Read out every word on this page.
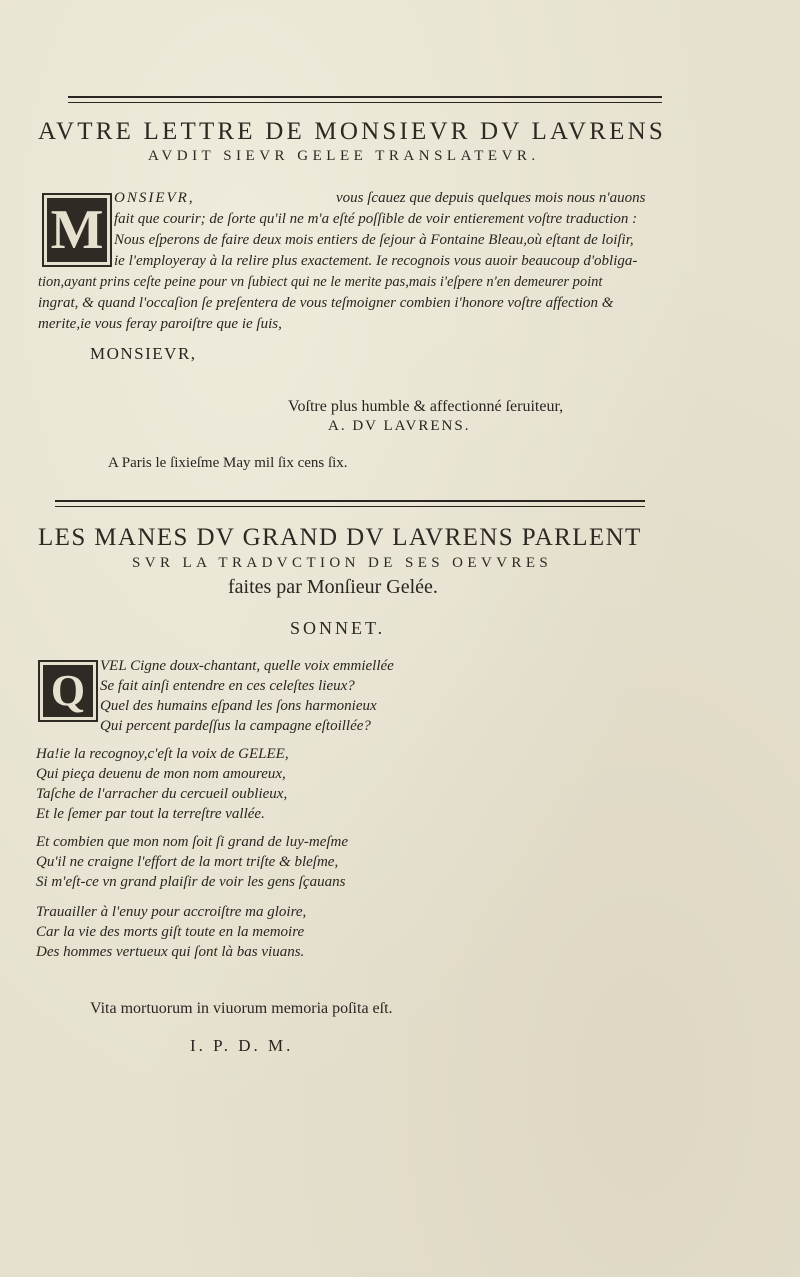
AVTRE LETTRE DE MONSIEVR DV LAVRENS
AVDIT SIEVR GELEE TRANSLATEVR.
M
ONSIEVR,	vous ſcauez que depuis quelques mois nous n'auons
fait que courir; de ſorte qu'il ne m'a eſté poſſible de voir entierement voſtre traduction :
Nous eſperons de faire deux mois entiers de ſejour à Fontaine Bleau,où eſtant de loiſir,
ie l'employeray à la relire plus exactement. Ie recognois vous auoir beaucoup d'obliga-
tion,ayant prins ceſte peine pour vn ſubiect qui ne le merite pas,mais i'eſpere n'en demeurer point
ingrat, & quand l'occaſion ſe preſentera de vous teſmoigner combien i'honore voſtre affection &
merite,ie vous feray paroiſtre que ie ſuis,
MONSIEVR,
Voſtre plus humble & affectionné ſeruiteur,
A. DV LAVRENS.
A Paris le ſixieſme May mil ſix cens ſix.
LES MANES DV GRAND DV LAVRENS PARLENT
SVR LA TRADVCTION DE SES OEVVRES
faites par Monſieur Gelée.
SONNET.
Q VEL Cigne doux-chantant, quelle voix emmiellée
Se fait ainſi entendre en ces celeſtes lieux?
Quel des humains eſpand les ſons harmonieux
Qui percent pardeſſus la campagne eſtoillée?
Ha!ie la recognoy,c'eſt la voix de GELEE,
Qui pieça deuenu de mon nom amoureux,
Taſche de l'arracher du cercueil oublieux,
Et le ſemer par tout la terreſtre vallée.
Et combien que mon nom ſoit ſi grand de luy-meſme
Qu'il ne craigne l'effort de la mort triſte & bleſme,
Si m'eſt-ce vn grand plaiſir de voir les gens ſçauans
Trauailler à l'enuy pour accroiſtre ma gloire,
Car la vie des morts giſt toute en la memoire
Des hommes vertueux qui ſont là bas viuans.
Vita mortuorum in viuorum memoria poſita eſt.
I. P. D. M.
